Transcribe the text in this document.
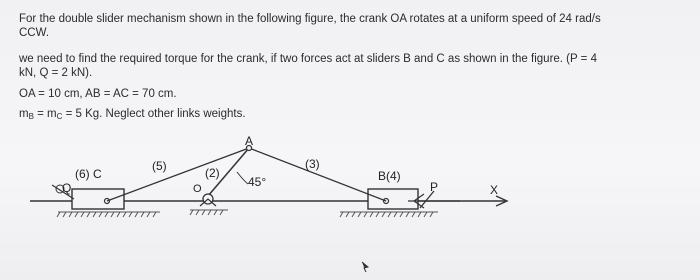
For the double slider mechanism shown in the following figure, the crank OA rotates at a uniform speed of 24 rad/s
CCW.
we need to find the required torque for the crank, if two forces act at sliders B and C as shown in the figure. (P = 4
kN, Q = 2 kN).
OA = 10 cm, AB = AC = 70 cm.
$m_B = m_C = 5$ Kg. Neglect other links weights.
A
(6) C
(5)	(2)
45°
(3)
B(4)
Q	P	X
O
